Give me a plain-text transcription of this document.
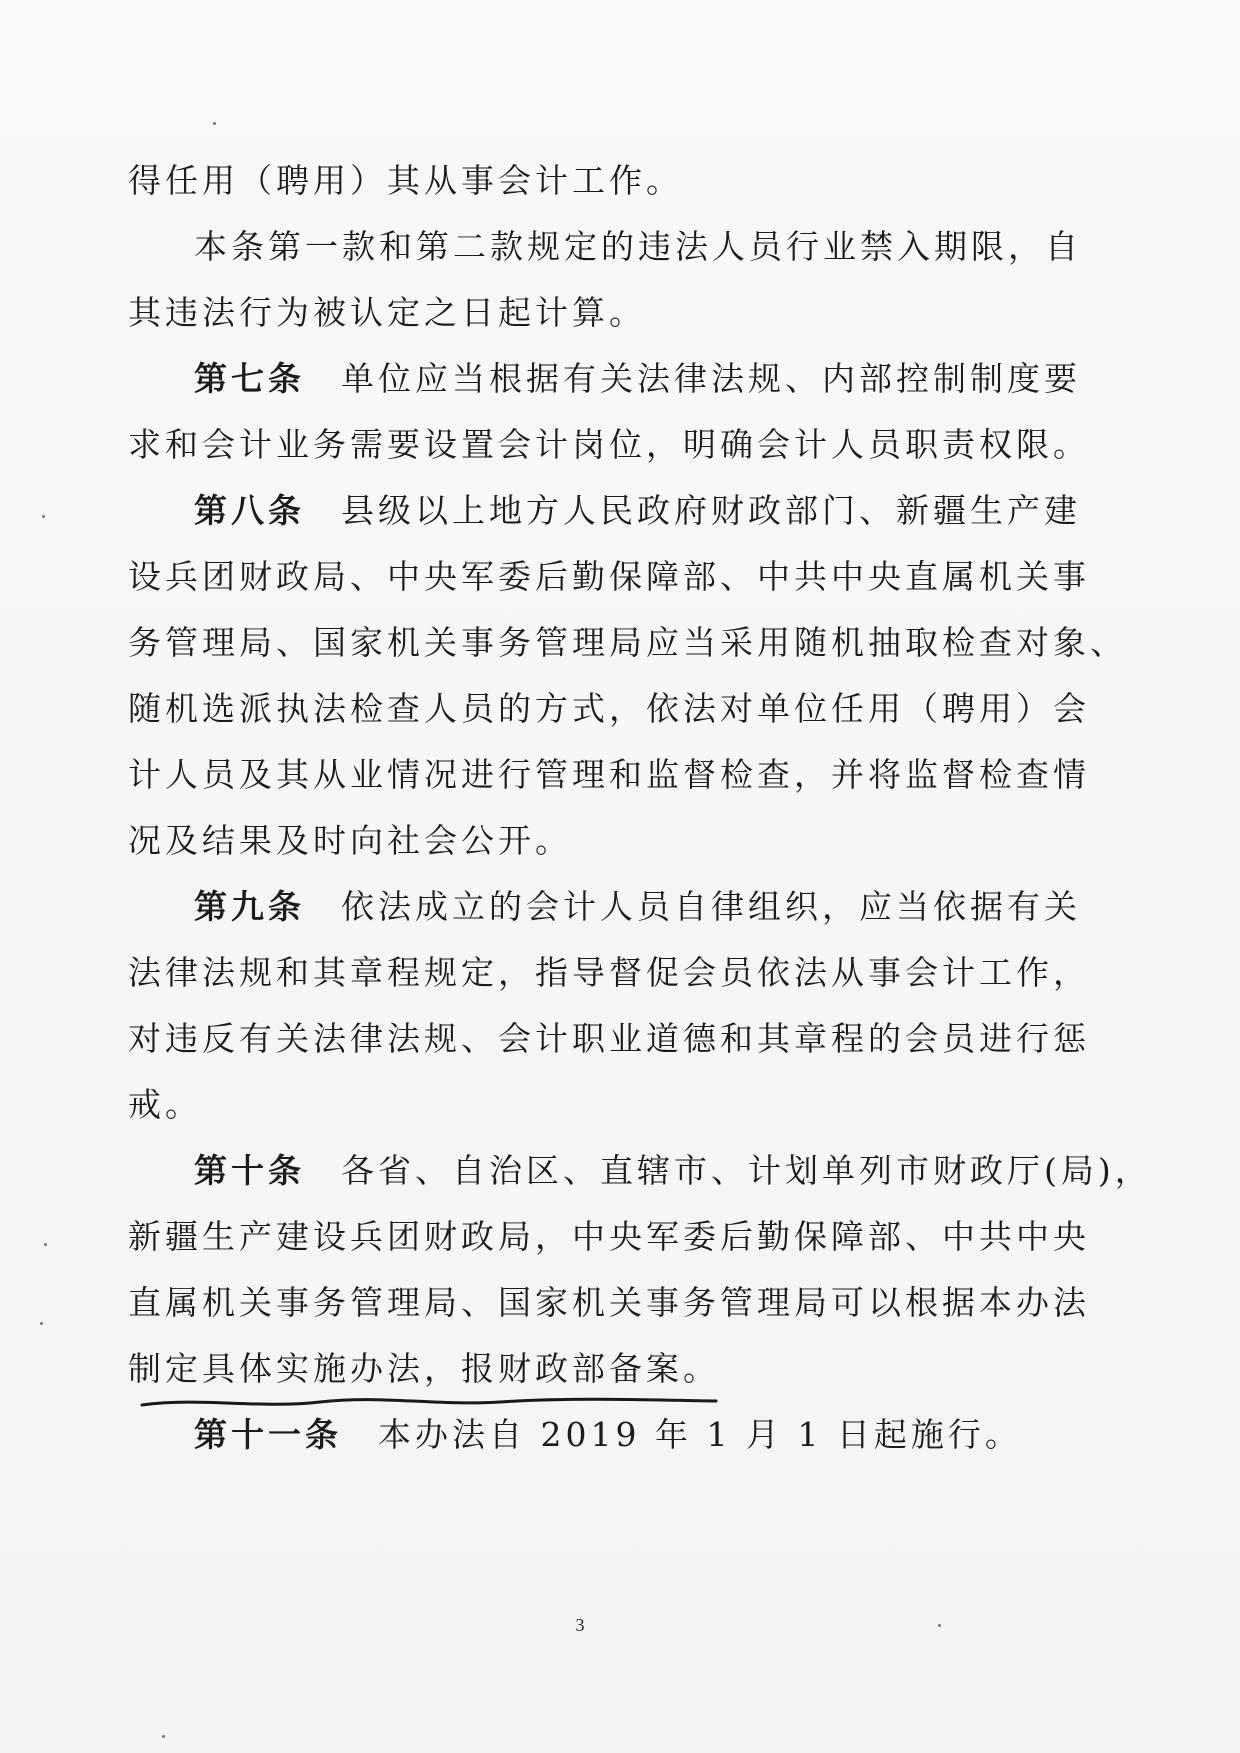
得任用（聘用）其从事会计工作。
本条第一款和第二款规定的违法人员行业禁入期限，自
其违法行为被认定之日起计算。
第七条 单位应当根据有关法律法规、内部控制制度要
求和会计业务需要设置会计岗位，明确会计人员职责权限。
第八条 县级以上地方人民政府财政部门、新疆生产建
设兵团财政局、中央军委后勤保障部、中共中央直属机关事
务管理局、国家机关事务管理局应当采用随机抽取检查对象、
随机选派执法检查人员的方式，依法对单位任用（聘用）会
计人员及其从业情况进行管理和监督检查，并将监督检查情
况及结果及时向社会公开。
第九条 依法成立的会计人员自律组织，应当依据有关
法律法规和其章程规定，指导督促会员依法从事会计工作，
对违反有关法律法规、会计职业道德和其章程的会员进行惩
戒。
第十条 各省、自治区、直辖市、计划单列市财政厅(局)，
新疆生产建设兵团财政局，中央军委后勤保障部、中共中央
直属机关事务管理局、国家机关事务管理局可以根据本办法
制定具体实施办法，报财政部备案。
第十一条 本办法自 2019 年 1 月 1 日起施行。
3
